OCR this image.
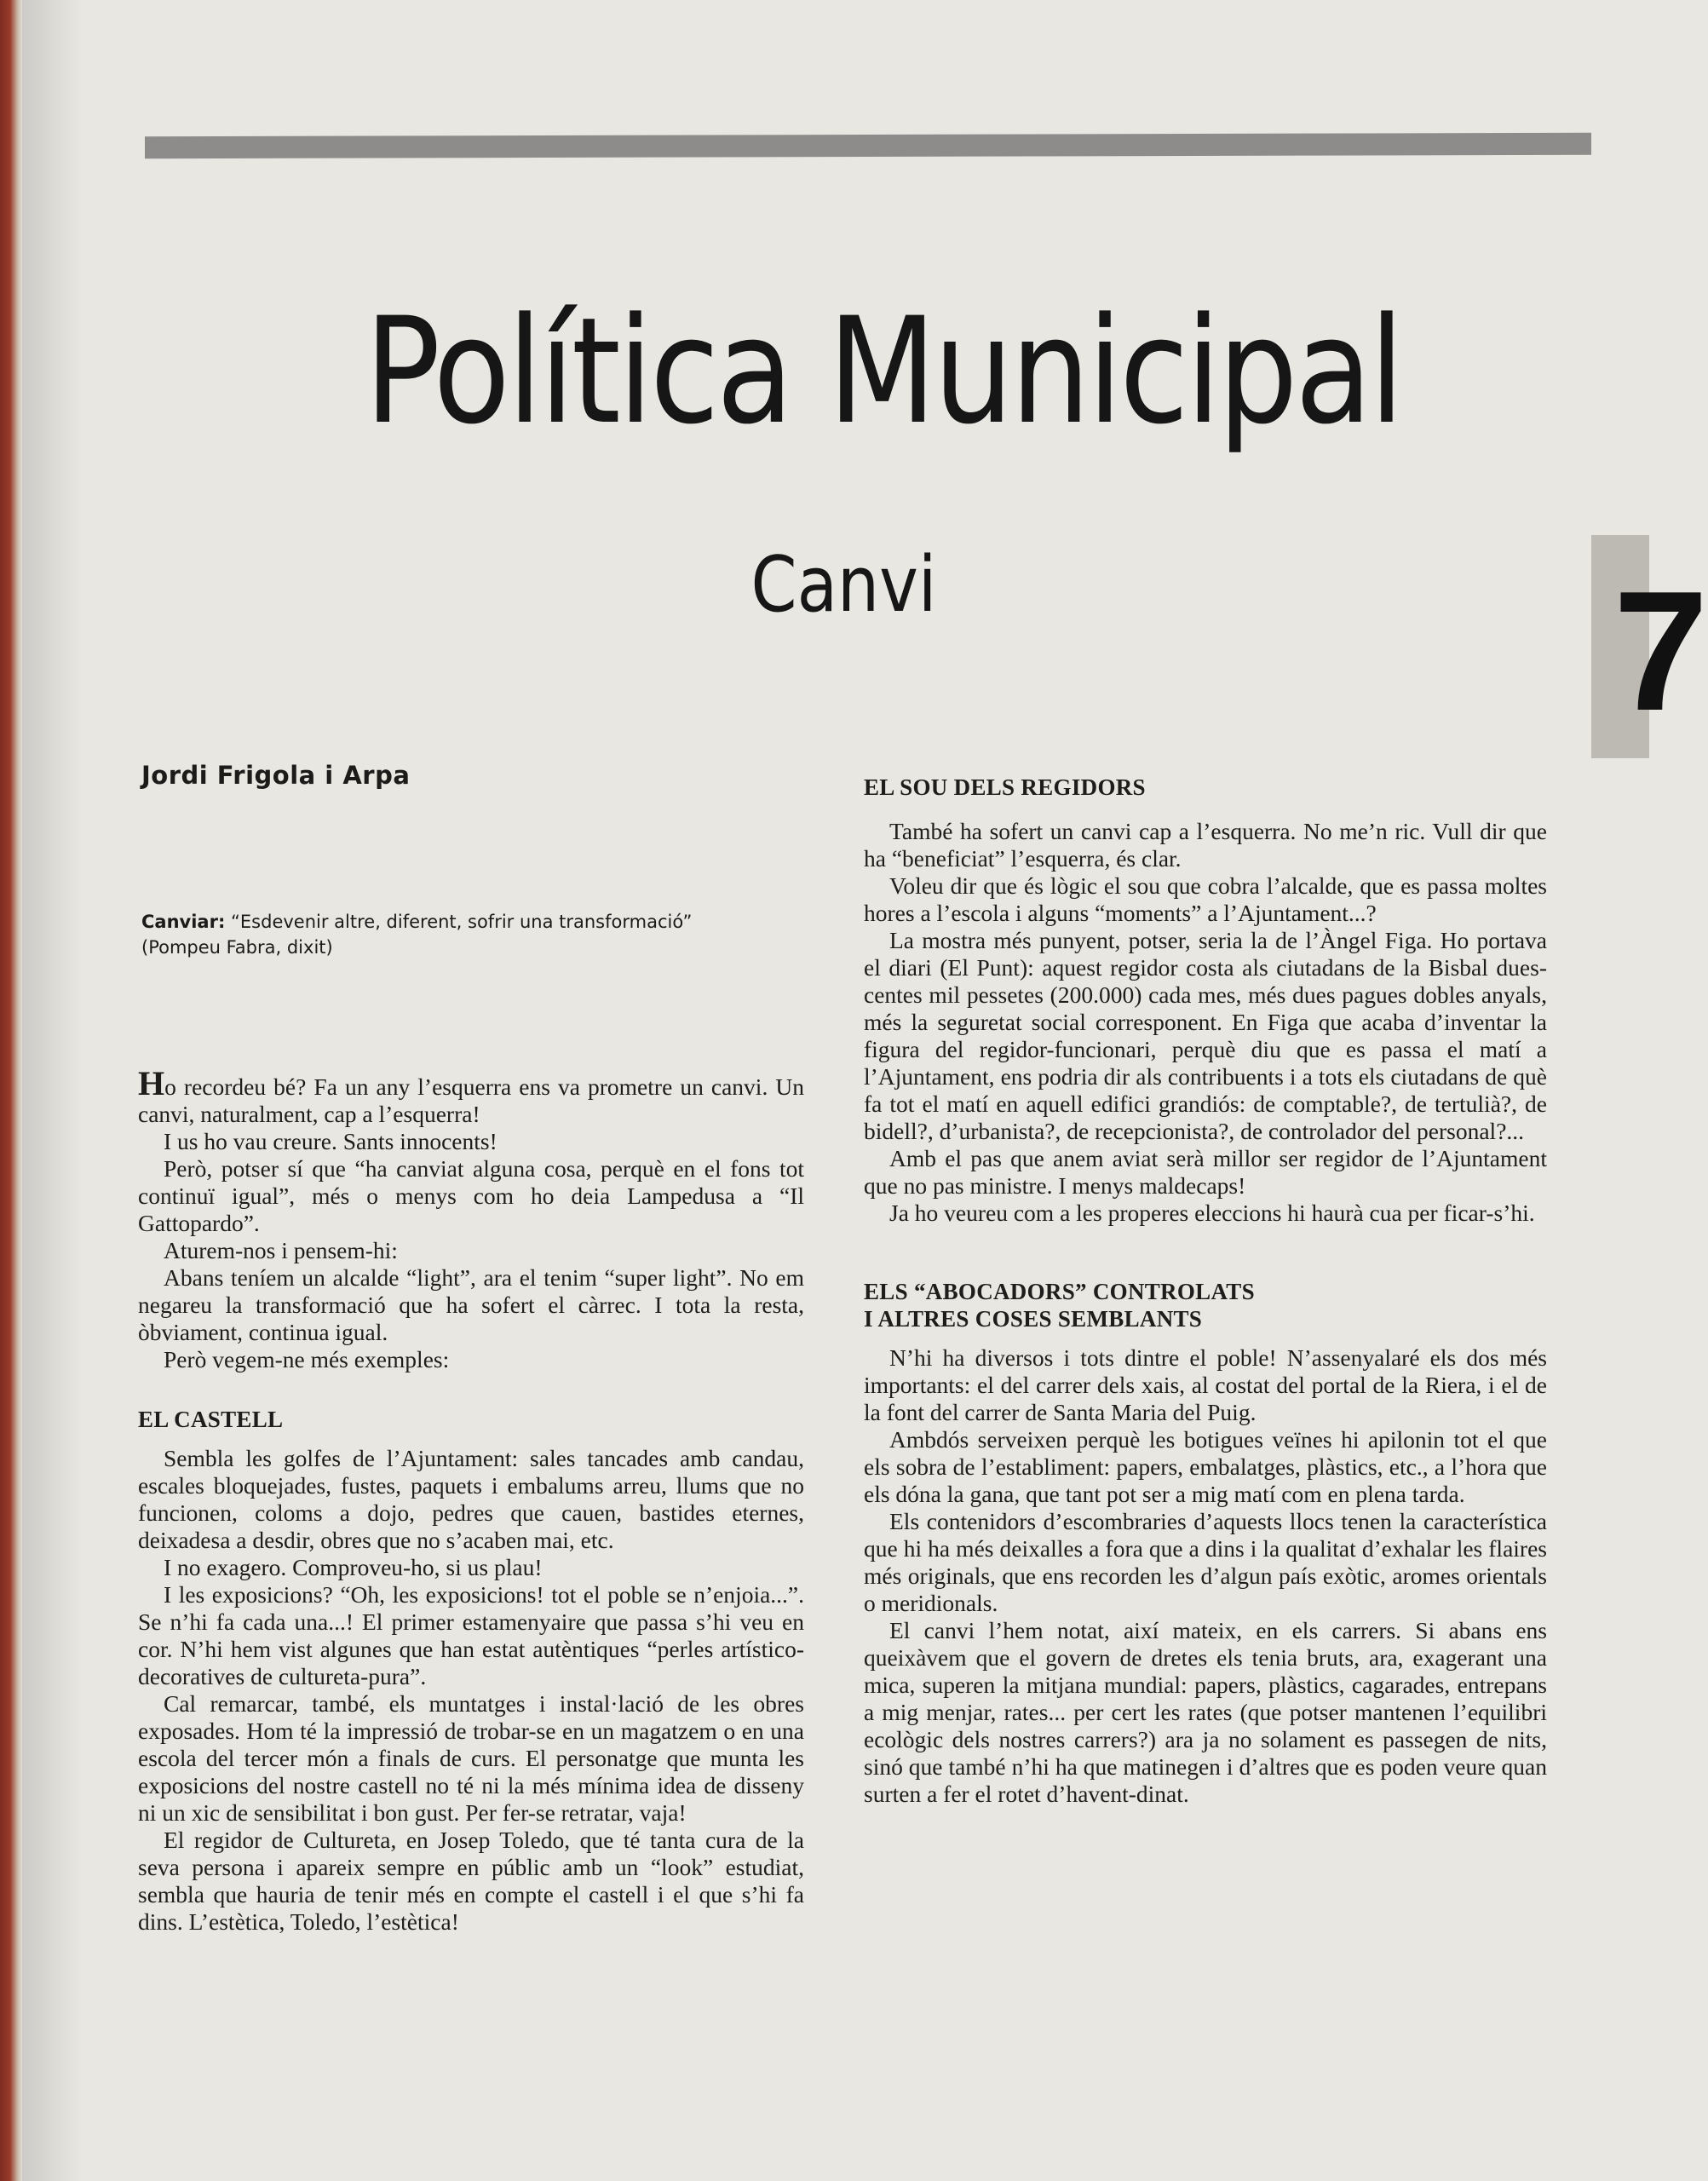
7
Política Municipal
Canvi
Jordi Frigola i Arpa
Canviar: “Esdevenir altre, diferent, sofrir una transformació”
(Pompeu Fabra, dixit)

Ho recordeu bé? Fa un any l’esquerra ens va prometre un canvi. Un canvi, naturalment, cap a l’esquerra!

I us ho vau creure. Sants innocents!

Però, potser sí que “ha canviat alguna cosa, perquè en el fons tot continuï igual”, més o menys com ho deia Lampedusa a “Il Gattopardo”.

Aturem-nos i pensem-hi:

Abans teníem un alcalde “light”, ara el tenim “super light”. No em negareu la transformació que ha sofert el càrrec. I tota la resta, òbviament, continua igual.

Però vegem-ne més exemples:

EL CASTELL

Sembla les golfes de l’Ajuntament: sales tancades amb candau, escales bloquejades, fustes, paquets i embalums arreu, llums que no funcionen, coloms a dojo, pedres que cauen, bastides eternes, deixadesa a desdir, obres que no s’acaben mai, etc.

I no exagero. Comproveu-ho, si us plau!

I les exposicions? “Oh, les exposicions! tot el poble se n’enjoia...”. Se n’hi fa cada una...! El primer estamenyaire que passa s’hi veu en cor. N’hi hem vist algunes que han estat autèntiques “perles artístico-decoratives de cultureta-pura”.

Cal remarcar, també, els muntatges i instal·lació de les obres exposades. Hom té la impressió de trobar-se en un magatzem o en una escola del tercer món a finals de curs. El personatge que munta les exposicions del nostre castell no té ni la més mínima idea de disseny ni un xic de sensibilitat i bon gust. Per fer-se retratar, vaja!

El regidor de Cultureta, en Josep Toledo, que té tanta cura de la seva persona i apareix sempre en públic amb un “look” estudiat, sembla que hauria de tenir més en compte el castell i el que s’hi fa dins. L’estètica, Toledo, l’estètica!

EL SOU DELS REGIDORS

També ha sofert un canvi cap a l’esquerra. No me’n ric. Vull dir que ha “beneficiat” l’esquerra, és clar.

Voleu dir que és lògic el sou que cobra l’alcalde, que es passa moltes hores a l’escola i alguns “moments” a l’Ajuntament...?

La mostra més punyent, potser, seria la de l’Àngel Figa. Ho portava el diari (El Punt): aquest regidor costa als ciutadans de la Bisbal dues-centes mil pessetes (200.000) cada mes, més dues pagues dobles anyals, més la seguretat social corresponent. En Figa que acaba d’inventar la figura del regidor-funcionari, perquè diu que es passa el matí a l’Ajuntament, ens podria dir als contribuents i a tots els ciutadans de què fa tot el matí en aquell edifici grandiós: de comptable?, de tertulià?, de bidell?, d’urbanista?, de recepcionista?, de controlador del personal?...

Amb el pas que anem aviat serà millor ser regidor de l’Ajuntament que no pas ministre. I menys maldecaps!

Ja ho veureu com a les properes eleccions hi haurà cua per ficar-s’hi.

ELS “ABOCADORS” CONTROLATS
I ALTRES COSES SEMBLANTS

N’hi ha diversos i tots dintre el poble! N’assenyalaré els dos més importants: el del carrer dels xais, al costat del portal de la Riera, i el de la font del carrer de Santa Maria del Puig.

Ambdós serveixen perquè les botigues veïnes hi apilonin tot el que els sobra de l’establiment: papers, embalatges, plàstics, etc., a l’hora que els dóna la gana, que tant pot ser a mig matí com en plena tarda.

Els contenidors d’escombraries d’aquests llocs tenen la característica que hi ha més deixalles a fora que a dins i la qualitat d’exhalar les flaires més originals, que ens recorden les d’algun país exòtic, aromes orientals o meridionals.

El canvi l’hem notat, així mateix, en els carrers. Si abans ens queixàvem que el govern de dretes els tenia bruts, ara, exagerant una mica, superen la mitjana mundial: papers, plàstics, cagarades, entrepans a mig menjar, rates... per cert les rates (que potser mantenen l’equilibri ecològic dels nostres carrers?) ara ja no solament es passegen de nits, sinó que també n’hi ha que matinegen i d’altres que es poden veure quan surten a fer el rotet d’havent-dinat.
